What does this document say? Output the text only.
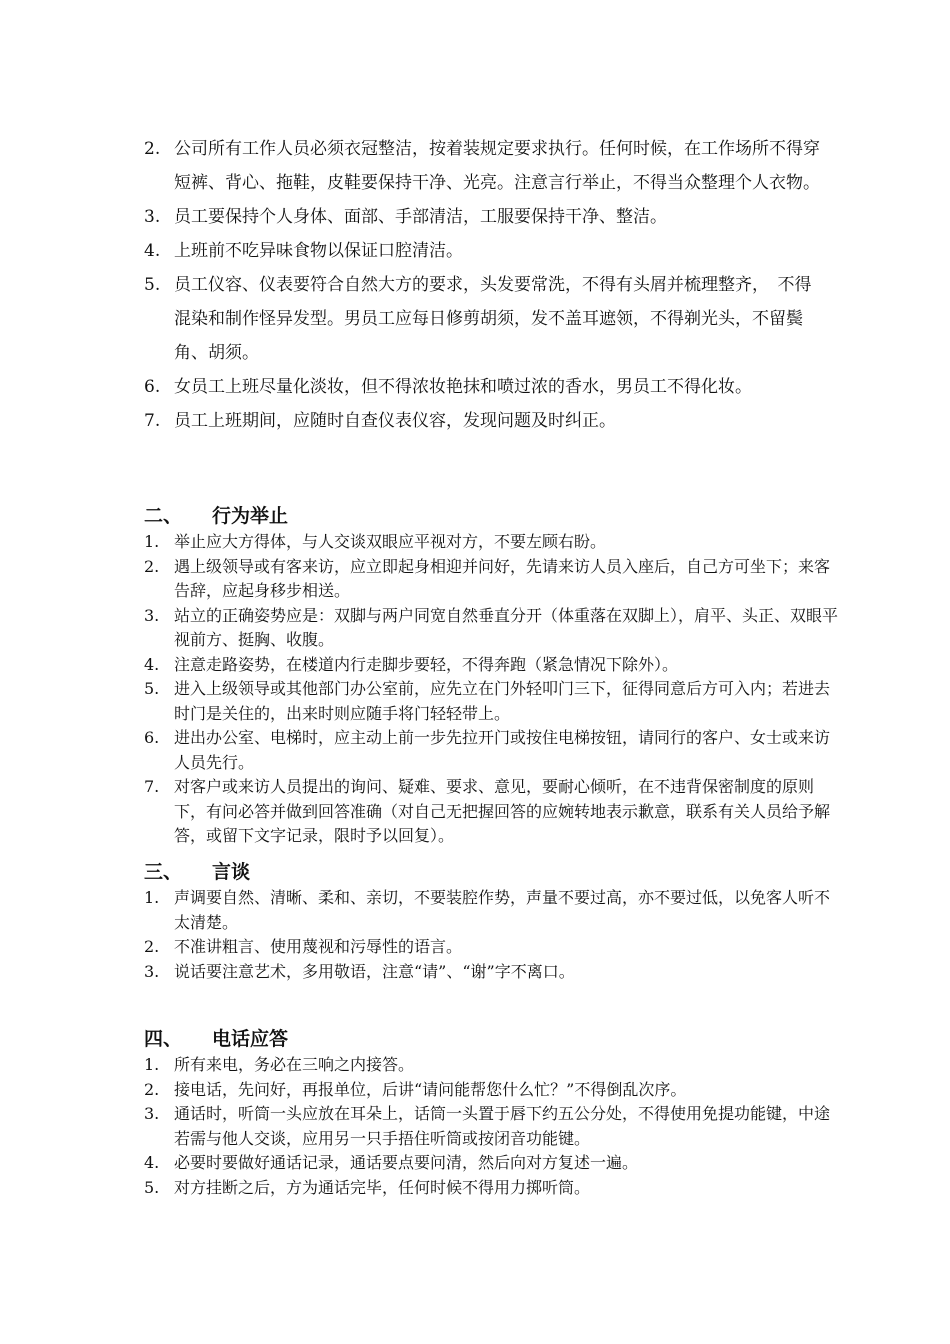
2. 公司所有工作人员必须衣冠整洁，按着装规定要求执行。任何时候，在工作场所不得穿短裤、背心、拖鞋，皮鞋要保持干净、光亮。注意言行举止，不得当众整理个人衣物。
3. 员工要保持个人身体、面部、手部清洁，工服要保持干净、整洁。
4. 上班前不吃异味食物以保证口腔清洁。
5. 员工仪容、仪表要符合自然大方的要求，头发要常洗，不得有头屑并梳理整齐，　不得混染和制作怪异发型。男员工应每日修剪胡须，发不盖耳遮领，不得剃光头，不留鬓角、胡须。
6. 女员工上班尽量化淡妆，但不得浓妆艳抹和喷过浓的香水，男员工不得化妆。
7. 员工上班期间，应随时自查仪表仪容，发现问题及时纠正。
二、	行为举止
1. 举止应大方得体，与人交谈双眼应平视对方，不要左顾右盼。
2. 遇上级领导或有客来访，应立即起身相迎并问好，先请来访人员入座后，自己方可坐下；来客告辞，应起身移步相送。
3. 站立的正确姿势应是：双脚与两户同宽自然垂直分开（体重落在双脚上），肩平、头正、双眼平视前方、挺胸、收腹。
4. 注意走路姿势，在楼道内行走脚步要轻，不得奔跑（紧急情况下除外）。
5. 进入上级领导或其他部门办公室前，应先立在门外轻叩门三下，征得同意后方可入内；若进去时门是关住的，出来时则应随手将门轻轻带上。
6. 进出办公室、电梯时，应主动上前一步先拉开门或按住电梯按钮，请同行的客户、女士或来访人员先行。
7. 对客户或来访人员提出的询问、疑难、要求、意见，要耐心倾听，在不违背保密制度的原则下，有问必答并做到回答准确（对自己无把握回答的应婉转地表示歉意，联系有关人员给予解答，或留下文字记录，限时予以回复）。
三、	言谈
1. 声调要自然、清晰、柔和、亲切，不要装腔作势，声量不要过高，亦不要过低，以免客人听不太清楚。
2. 不准讲粗言、使用蔑视和污辱性的语言。
3. 说话要注意艺术，多用敬语，注意“请”、“谢”字不离口。
四、	电话应答
1. 所有来电，务必在三响之内接答。
2. 接电话，先问好，再报单位，后讲“请问能帮您什么忙？”不得倒乱次序。
3. 通话时，听筒一头应放在耳朵上，话筒一头置于唇下约五公分处，不得使用免提功能键，中途若需与他人交谈，应用另一只手捂住听筒或按闭音功能键。
4. 必要时要做好通话记录，通话要点要问清，然后向对方复述一遍。
5. 对方挂断之后，方为通话完毕，任何时候不得用力掷听筒。
